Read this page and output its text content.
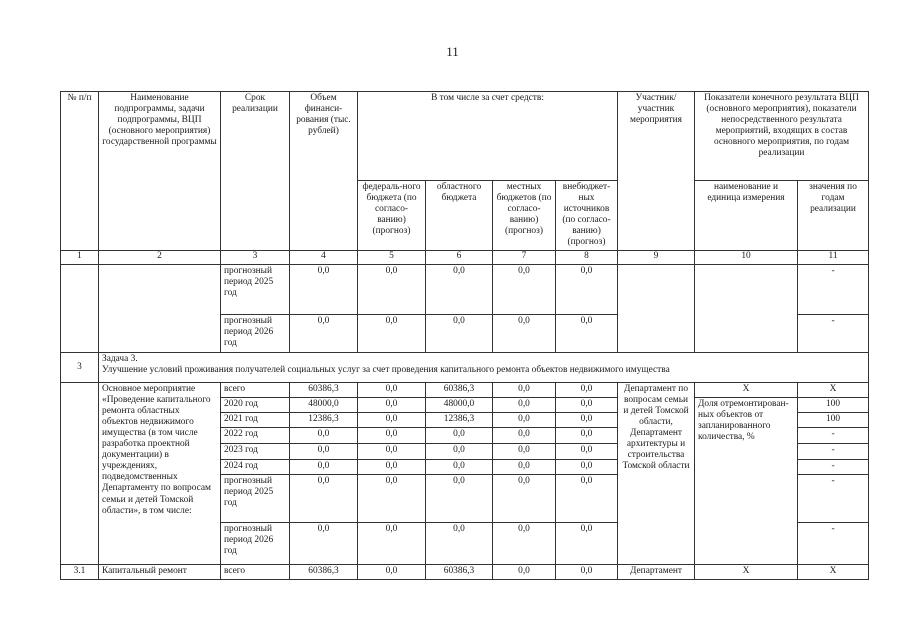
11
№ п/п	Наименование подпрограммы, задачи подпрограммы, ВЦП (основного мероприятия) государственной программы	Срок реализации	Объем финанси-рования (тыс. рублей)	В том числе за счет средств:				Участник/ участник мероприятия	Показатели конечного результата ВЦП (основного мероприятия), показатели непосредственного результата мероприятий, входящих в состав основного мероприятия, по годам реализации	
				федераль-ного бюджета (по согласо-ванию) (прогноз)	областного бюджета	местных бюджетов (по согласо-ванию) (прогноз)	внебюджет-ных источников (по согласо-ванию) (прогноз)		наименование и единица измерения	значения по годам реализации
1	2	3	4	5	6	7	8	9	10	11
		прогнозный период 2025 год	0,0	0,0	0,0	0,0	0,0			-
		прогнозный период 2026 год	0,0	0,0	0,0	0,0	0,0			-
3	Задача 3.
Улучшение условий проживания получателей социальных услуг за счет проведения капитального ремонта объектов недвижимого имущества									

	Основное мероприятие «Проведение капитального ремонта областных объектов недвижимого имущества (в том числе разработка проектной документации) в учреждениях, подведомственных Департаменту по вопросам семьи и детей Томской области», в том числе:	всего	60386,3	0,0	60386,3	0,0	0,0	Департамент по вопросам семьи и детей Томской области, Департамент архитектуры и строительства Томской области	Х	Х
		2020 год	48000,0	0,0	48000,0	0,0	0,0		Доля отремонтирован-ных объектов от запланированного количества, %	100
		2021 год	12386,3	0,0	12386,3	0,0	0,0			100
		2022 год	0,0	0,0	0,0	0,0	0,0			-
		2023 год	0,0	0,0	0,0	0,0	0,0			-
		2024 год	0,0	0,0	0,0	0,0	0,0			-
		прогнозный период 2025 год	0,0	0,0	0,0	0,0	0,0			-
		прогнозный период 2026 год	0,0	0,0	0,0	0,0	0,0			-
3.1	Капитальный ремонт	всего	60386,3	0,0	60386,3	0,0	0,0	Департамент	Х	Х
